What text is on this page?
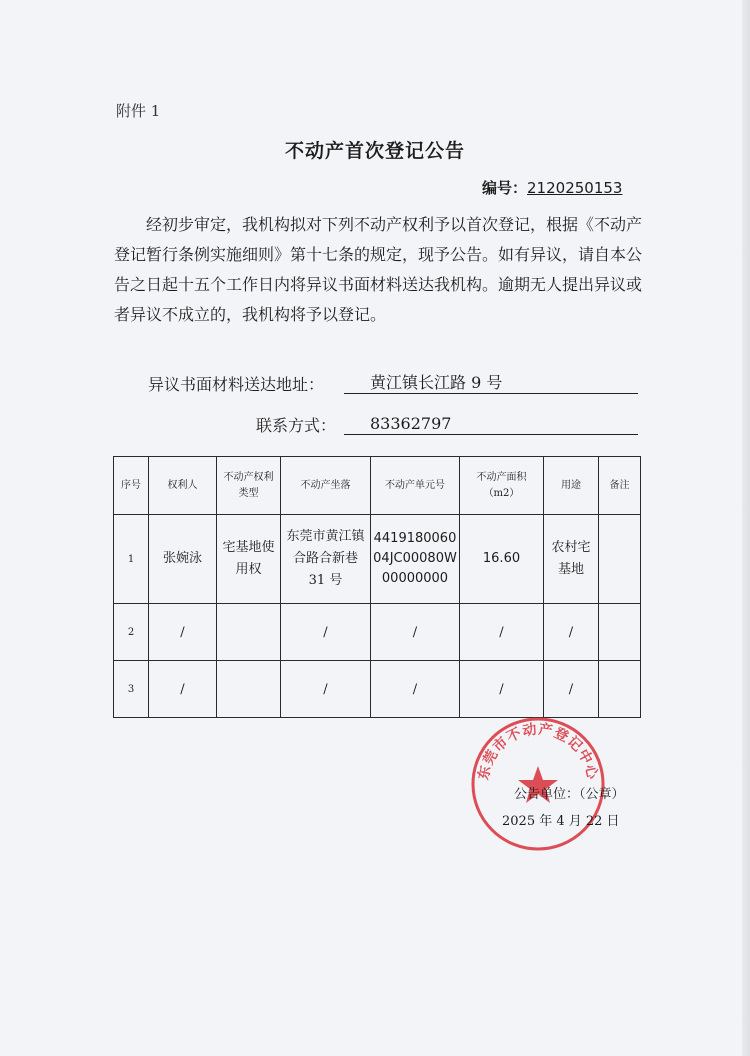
附件 1
不动产首次登记公告
编号：2120250153

经初步审定，我机构拟对下列不动产权利予以首次登记，根据《不动产登记暂行条例实施细则》第十七条的规定，现予公告。如有异议，请自本公告之日起十五个工作日内将异议书面材料送达我机构。逾期无人提出异议或者异议不成立的，我机构将予以登记。

异议书面材料送达地址：	黄江镇长江路 9 号
联系方式：	83362797
序号	权利人	不动产权利类型	不动产坐落	不动产单元号	不动产面积（m2）	用途	备注
1	张婉泳	宅基地使用权	东莞市黄江镇合路合新巷 31 号	441918006004JC00080W00000000	16.60	农村宅基地	
2	/		/	/	/	/	
3	/		/	/	/	/	
东莞市不动产登记中心
公告单位：（公章）
2025 年 4 月 22 日
